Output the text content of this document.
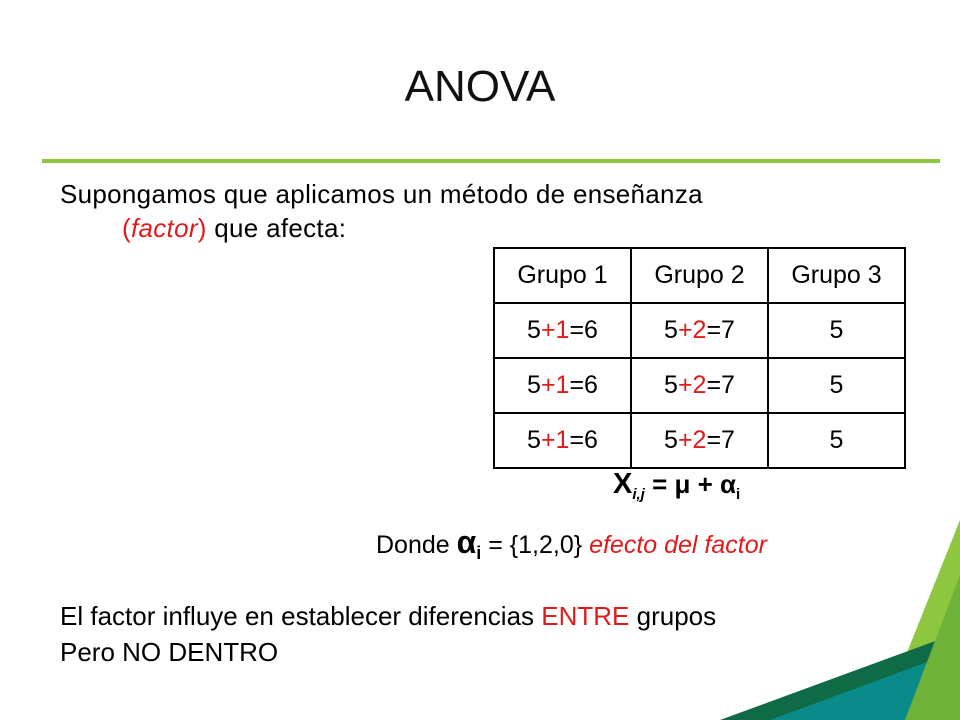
ANOVA
Supongamos que aplicamos un método de enseñanza
(factor) que afecta:
Grupo 1	Grupo 2	Grupo 3
5+1=6	5+2=7	5
5+1=6	5+2=7	5
5+1=6	5+2=7	5
$X_{i,j} = \mu + \alpha_i$
Donde $\alpha_i = \{1,2,0\}$ efecto del factor
El factor influye en establecer diferencias ENTRE grupos
Pero NO DENTRO
